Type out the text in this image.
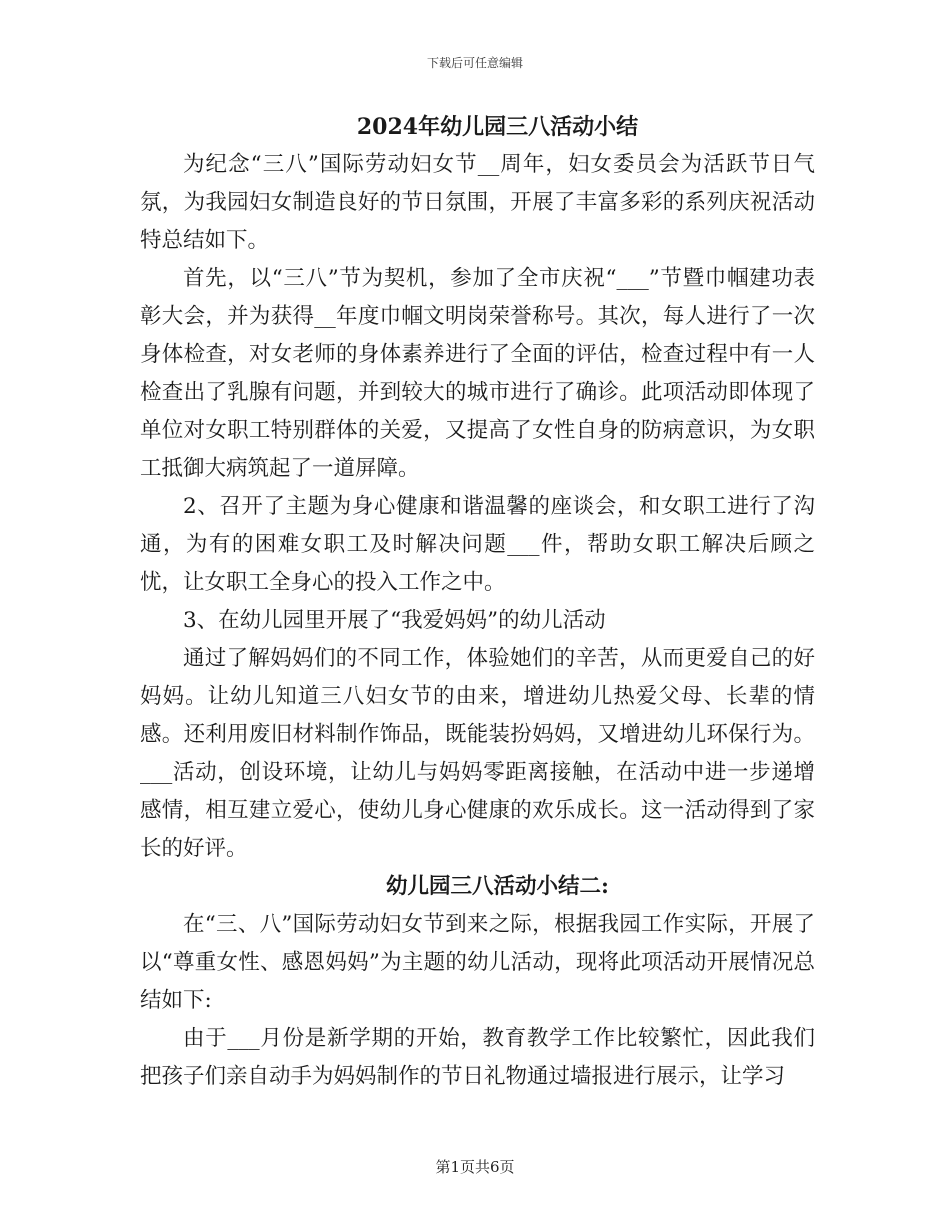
下载后可任意编辑
2024年幼儿园三八活动小结

为纪念“三八”国际劳动妇女节__周年，妇女委员会为活跃节日气氛，为我园妇女制造良好的节日氛围，开展了丰富多彩的系列庆祝活动特总结如下。

首先，以“三八”节为契机，参加了全市庆祝“___”节暨巾帼建功表彰大会，并为获得__年度巾帼文明岗荣誉称号。其次，每人进行了一次身体检查，对女老师的身体素养进行了全面的评估，检查过程中有一人检查出了乳腺有问题，并到较大的城市进行了确诊。此项活动即体现了单位对女职工特别群体的关爱，又提高了女性自身的防病意识，为女职工抵御大病筑起了一道屏障。

2、召开了主题为身心健康和谐温馨的座谈会，和女职工进行了沟通，为有的困难女职工及时解决问题___件，帮助女职工解决后顾之忧，让女职工全身心的投入工作之中。

3、在幼儿园里开展了“我爱妈妈”的幼儿活动

通过了解妈妈们的不同工作，体验她们的辛苦，从而更爱自己的好妈妈。让幼儿知道三八妇女节的由来，增进幼儿热爱父母、长辈的情感。还利用废旧材料制作饰品，既能装扮妈妈，又增进幼儿环保行为。___活动，创设环境，让幼儿与妈妈零距离接触，在活动中进一步递增感情，相互建立爱心，使幼儿身心健康的欢乐成长。这一活动得到了家长的好评。

幼儿园三八活动小结二:

在“三、八”国际劳动妇女节到来之际，根据我园工作实际，开展了以“尊重女性、感恩妈妈”为主题的幼儿活动，现将此项活动开展情况总结如下:

由于___月份是新学期的开始，教育教学工作比较繁忙，因此我们把孩子们亲自动手为妈妈制作的节日礼物通过墙报进行展示，让学习

第1页共6页
